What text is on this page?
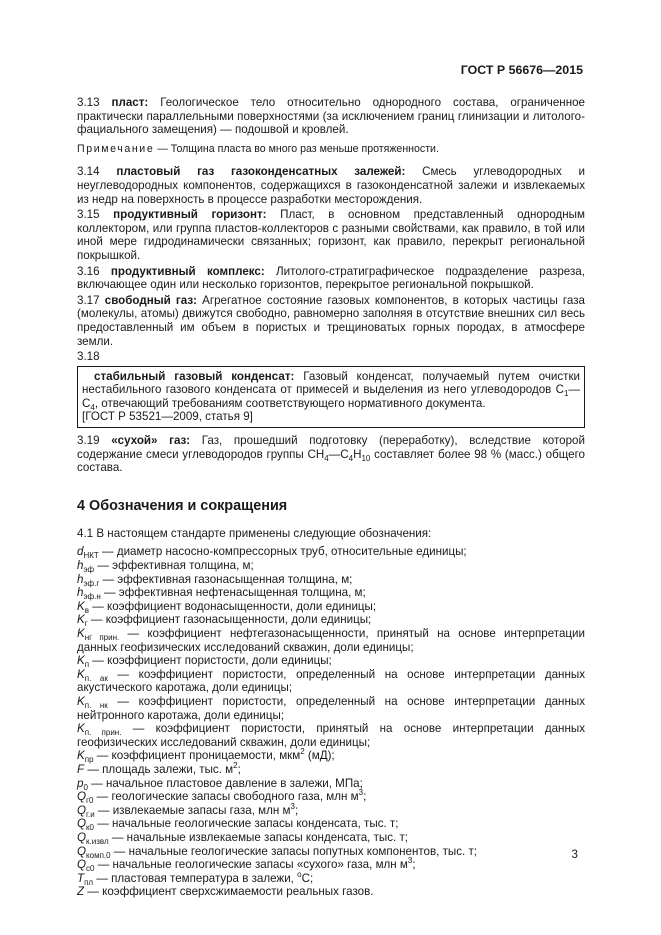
ГОСТ Р 56676—2015

3.13 пласт: Геологическое тело относительно однородного состава, ограниченное практически параллельными поверхностями (за исключением границ глинизации и литолого-фациального замещения) — подошвой и кровлей.

Примечание — Толщина пласта во много раз меньше протяженности.

3.14 пластовый газ газоконденсатных залежей: Смесь углеводородных и неуглеводородных компонентов, содержащихся в газоконденсатной залежи и извлекаемых из недр на поверхность в процессе разработки месторождения.

3.15 продуктивный горизонт: Пласт, в основном представленный однородным коллектором, или группа пластов-коллекторов с разными свойствами, как правило, в той или иной мере гидродинамически связанных; горизонт, как правило, перекрыт региональной покрышкой.

3.16 продуктивный комплекс: Литолого-стратиграфическое подразделение разреза, включающее один или несколько горизонтов, перекрытое региональной покрышкой.

3.17 свободный газ: Агрегатное состояние газовых компонентов, в которых частицы газа (молекулы, атомы) движутся свободно, равномерно заполняя в отсутствие внешних сил весь предоставленный им объем в пористых и трещиноватых горных породах, в атмосфере земли.

3.18

стабильный газовый конденсат: Газовый конденсат, получаемый путем очистки нестабильного газового конденсата от примесей и выделения из него углеводородов $С_1—С_4$, отвечающий требованиям соответствующего нормативного документа.

[ГОСТ Р 53521—2009, статья 9]

3.19 «сухой» газ: Газ, прошедший подготовку (переработку), вследствие которой содержание смеси углеводородов группы $СН_4—С_4Н_{10}$ составляет более 98 % (масс.) общего состава.

4 Обозначения и сокращения

4.1 В настоящем стандарте применены следующие обозначения:

$d_{НКТ}$ — диаметр насосно-компрессорных труб, относительные единицы;

$h_{эф}$ — эффективная толщина, м;

$h_{эф.г}$ — эффективная газонасыщенная толщина, м;

$h_{эф.н}$ — эффективная нефтенасыщенная толщина, м;

$K_в$ — коэффициент водонасыщенности, доли единицы;

$K_г$ — коэффициент газонасыщенности, доли единицы;

$K_{нг прин.}$ — коэффициент нефтегазонасыщенности, принятый на основе интерпретации данных геофизических исследований скважин, доли единицы;

$K_п$ — коэффициент пористости, доли единицы;

$K_{п. ак}$ — коэффициент пористости, определенный на основе интерпретации данных акустического каротажа, доли единицы;

$K_{п. нк}$ — коэффициент пористости, определенный на основе интерпретации данных нейтронного каротажа, доли единицы;

$K_{п. прин.}$ — коэффициент пористости, принятый на основе интерпретации данных геофизических исследований скважин, доли единицы;

$K_{пр}$ — коэффициент проницаемости, мкм$^2$ (мД);

F — площадь залежи, тыс. $м^2$;

$p_0$ — начальное пластовое давление в залежи, МПа;

$Q_{г0}$ — геологические запасы свободного газа, млн $м^3$;

$Q_{г.и}$ — извлекаемые запасы газа, млн $м^3$;

$Q_{к0}$ — начальные геологические запасы конденсата, тыс. т;

$Q_{к.извл}$ — начальные извлекаемые запасы конденсата, тыс. т;

$Q_{комп.0}$ — начальные геологические запасы попутных компонентов, тыс. т;

$Q_{с0}$ — начальные геологические запасы «сухого» газа, млн $м^3$;

$T_{пл}$ — пластовая температура в залежи, $^о$С;

Z — коэффициент сверхсжимаемости реальных газов.

3
